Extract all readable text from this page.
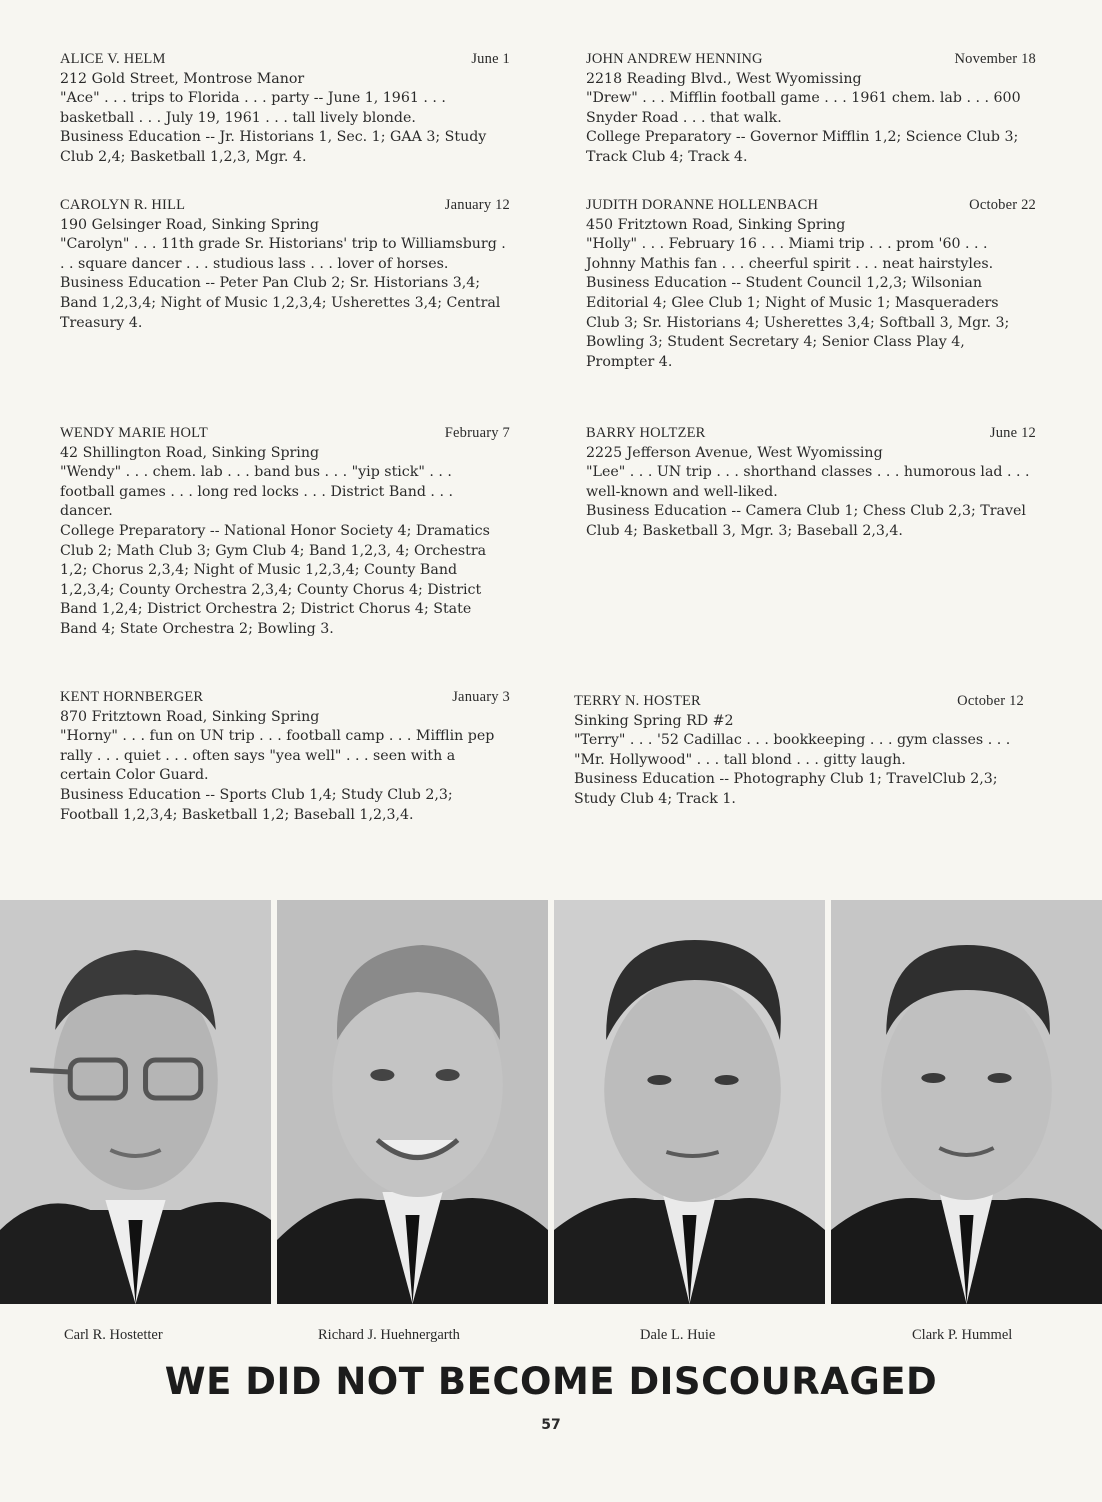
ALICE V. HELM	June 1
212 Gold Street, Montrose Manor
"Ace" . . . trips to Florida . . . party -- June 1, 1961 . . . basketball . . . July 19, 1961 . . . tall lively blonde.
Business Education -- Jr. Historians 1, Sec. 1; GAA 3; Study Club 2,4; Basketball 1,2,3, Mgr. 4.
CAROLYN R. HILL	January 12
190 Gelsinger Road, Sinking Spring
"Carolyn" . . . 11th grade Sr. Historians' trip to Williamsburg . . . square dancer . . . studious lass . . . lover of horses.
Business Education -- Peter Pan Club 2; Sr. Historians 3,4; Band 1,2,3,4; Night of Music 1,2,3,4; Usherettes 3,4; Central Treasury 4.
WENDY MARIE HOLT	February 7
42 Shillington Road, Sinking Spring
"Wendy" . . . chem. lab . . . band bus . . . "yip stick" . . . football games . . . long red locks . . . District Band . . . dancer.
College Preparatory -- National Honor Society 4; Dramatics Club 2; Math Club 3; Gym Club 4; Band 1,2,3, 4; Orchestra 1,2; Chorus 2,3,4; Night of Music 1,2,3,4; County Band 1,2,3,4; County Orchestra 2,3,4; County Chorus 4; District Band 1,2,4; District Orchestra 2; District Chorus 4; State Band 4; State Orchestra 2; Bowling 3.
KENT HORNBERGER	January 3
870 Fritztown Road, Sinking Spring
"Horny" . . . fun on UN trip . . . football camp . . . Mifflin pep rally . . . quiet . . . often says "yea well" . . . seen with a certain Color Guard.
Business Education -- Sports Club 1,4; Study Club 2,3; Football 1,2,3,4; Basketball 1,2; Baseball 1,2,3,4.
JOHN ANDREW HENNING	November 18
2218 Reading Blvd., West Wyomissing
"Drew" . . . Mifflin football game . . . 1961 chem. lab . . . 600 Snyder Road . . . that walk.
College Preparatory -- Governor Mifflin 1,2; Science Club 3; Track Club 4; Track 4.
JUDITH DORANNE HOLLENBACH	October 22
450 Fritztown Road, Sinking Spring
"Holly" . . . February 16 . . . Miami trip . . . prom '60 . . . Johnny Mathis fan . . . cheerful spirit . . . neat hairstyles.
Business Education -- Student Council 1,2,3; Wilsonian Editorial 4; Glee Club 1; Night of Music 1; Masqueraders Club 3; Sr. Historians 4; Usherettes 3,4; Softball 3, Mgr. 3; Bowling 3; Student Secretary 4; Senior Class Play 4, Prompter 4.
BARRY HOLTZER	June 12
2225 Jefferson Avenue, West Wyomissing
"Lee" . . . UN trip . . . shorthand classes . . . humorous lad . . . well-known and well-liked.
Business Education -- Camera Club 1; Chess Club 2,3; Travel Club 4; Basketball 3, Mgr. 3; Baseball 2,3,4.
TERRY N. HOSTER	October 12
Sinking Spring RD #2
"Terry" . . . '52 Cadillac . . . bookkeeping . . . gym classes . . . "Mr. Hollywood" . . . tall blond . . . gitty laugh.
Business Education -- Photography Club 1; TravelClub 2,3; Study Club 4; Track 1.
Carl R. Hostetter	Richard J. Huehnergarth	Dale L. Huie	Clark P. Hummel
WE DID NOT BECOME DISCOURAGED
57
